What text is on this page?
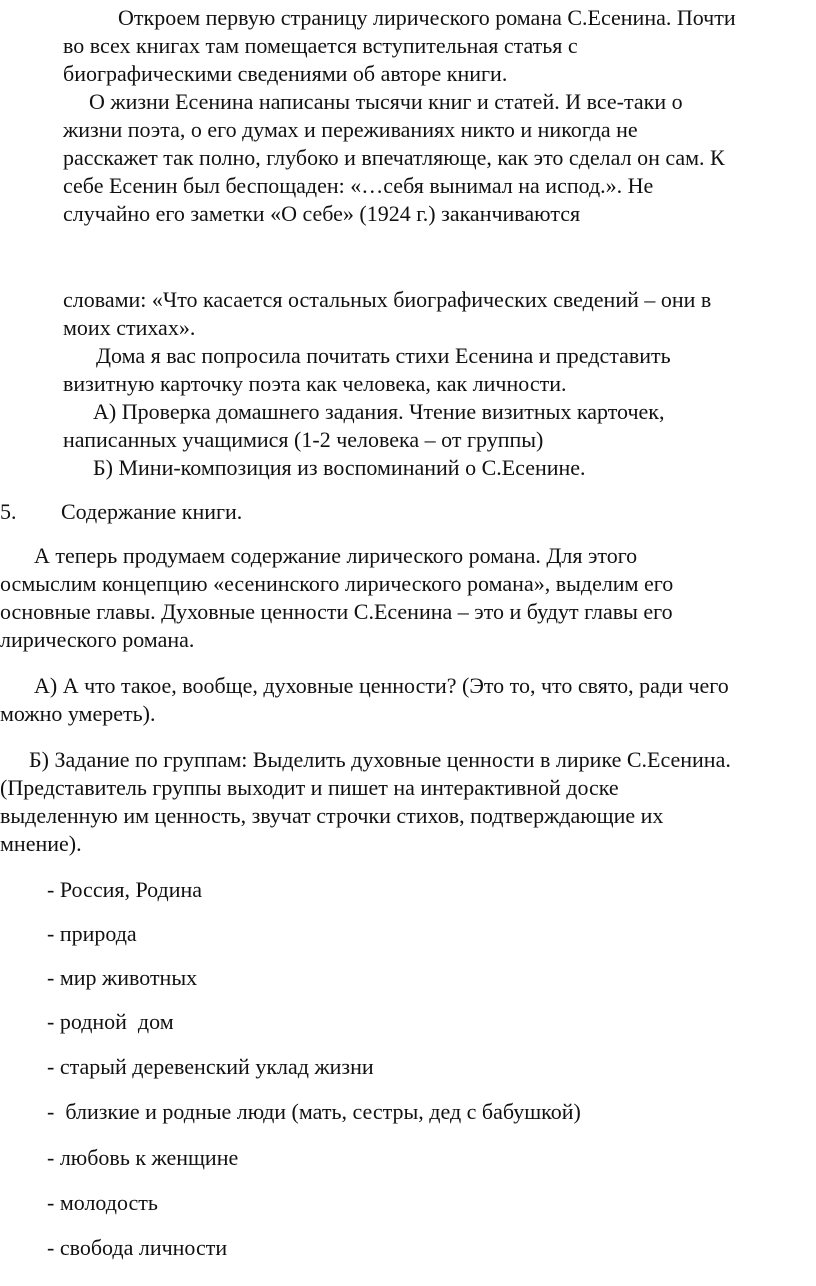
Откроем первую страницу лирического романа С.Есенина. Почти

во всех книгах там помещается вступительная статья с

биографическими сведениями об авторе книги.

О жизни Есенина написаны тысячи книг и статей. И все-таки о

жизни поэта, о его думах и переживаниях никто и никогда не

расскажет так полно, глубоко и впечатляюще, как это сделал он сам. К

себе Есенин был беспощаден: «…себя вынимал на испод.». Не

случайно его заметки «О себе» (1924 г.) заканчиваются

словами: «Что касается остальных биографических сведений – они в

моих стихах».

Дома я вас попросила почитать стихи Есенина и представить

визитную карточку поэта как человека, как личности.

А) Проверка домашнего задания. Чтение визитных карточек,

написанных учащимися (1-2 человека – от группы)

Б) Мини-композиция из воспоминаний о С.Есенине.

5. Содержание книги.

А теперь продумаем содержание лирического романа. Для этого

осмыслим концепцию «есенинского лирического романа», выделим его

основные главы. Духовные ценности С.Есенина – это и будут главы его

лирического романа.

А) А что такое, вообще, духовные ценности? (Это то, что свято, ради чего

можно умереть).

Б) Задание по группам: Выделить духовные ценности в лирике С.Есенина.

(Представитель группы выходит и пишет на интерактивной доске

выделенную им ценность, звучат строчки стихов, подтверждающие их

мнение).

- Россия, Родина

- природа

- мир животных

- родной  дом

- старый деревенский уклад жизни

-  близкие и родные люди (мать, сестры, дед с бабушкой)

- любовь к женщине

- молодость

- свобода личности
